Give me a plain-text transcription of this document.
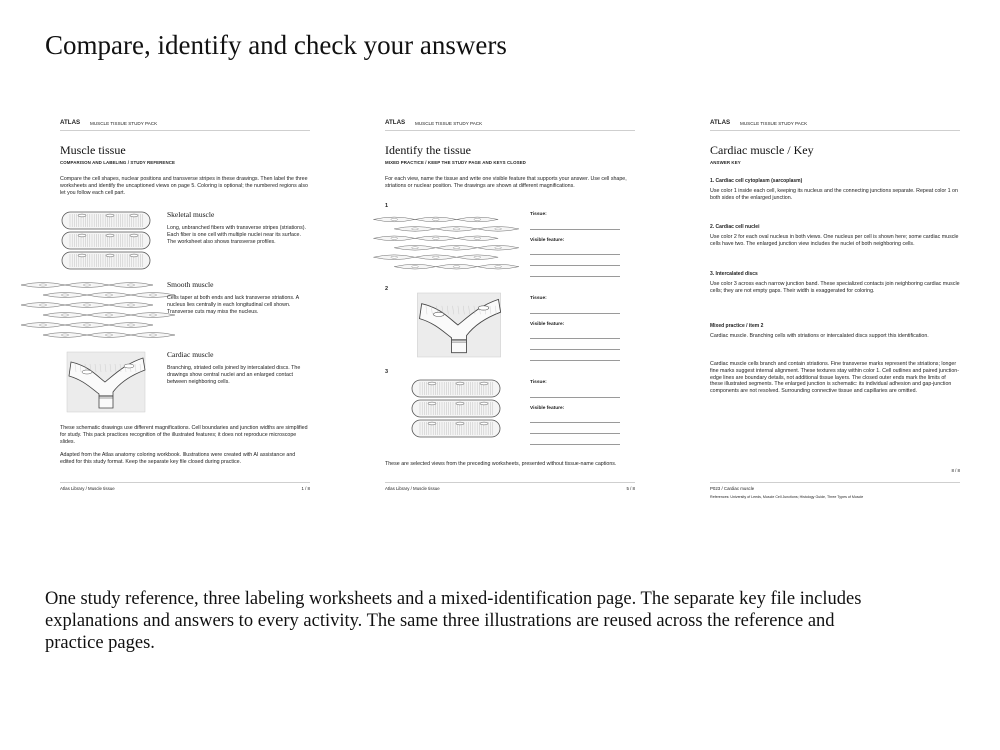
Compare, identify and check your answers
ATLAS MUSCLE TISSUE STUDY PACK
Muscle tissue
COMPARISON AND LABELING / STUDY REFERENCE
Compare the cell shapes, nuclear positions and transverse stripes in these drawings. Then label the three worksheets and identify the uncaptioned views on page 5. Coloring is optional; the numbered regions also let you follow each cell part.
Skeletal muscle
Long, unbranched fibers with transverse stripes (striations). Each fiber is one cell with multiple nuclei near its surface. The worksheet also shows transverse profiles.
Smooth muscle
Cells taper at both ends and lack transverse striations. A nucleus lies centrally in each longitudinal cell shown. Transverse cuts may miss the nucleus.
Cardiac muscle
Branching, striated cells joined by intercalated discs. The drawings show central nuclei and an enlarged contact between neighboring cells.
These schematic drawings use different magnifications. Cell boundaries and junction widths are simplified for study. This pack practices recognition of the illustrated features; it does not reproduce microscope slides.
Adapted from the Atlas anatomy coloring workbook. Illustrations were created with AI assistance and edited for this study format. Keep the separate key file closed during practice.
Atlas Library / Muscle tissue	1 / 8
ATLAS MUSCLE TISSUE STUDY PACK
Identify the tissue
MIXED PRACTICE / KEEP THE STUDY PAGE AND KEYS CLOSED
For each view, name the tissue and write one visible feature that supports your answer. Use cell shape, striations or nuclear position. The drawings are shown at different magnifications.
1
Tissue:
Visible feature:
2
Tissue:
Visible feature:
3
Tissue:
Visible feature:
These are selected views from the preceding worksheets, presented without tissue-name captions.
Atlas Library / Muscle tissue	5 / 8
ATLAS MUSCLE TISSUE STUDY PACK
Cardiac muscle / Key
ANSWER KEY
1. Cardiac cell cytoplasm (sarcoplasm)
Use color 1 inside each cell, keeping its nucleus and the connecting junctions separate. Repeat color 1 on both sides of the enlarged junction.
2. Cardiac cell nuclei
Use color 2 for each oval nucleus in both views. One nucleus per cell is shown here; some cardiac muscle cells have two. The enlarged junction view includes the nuclei of both neighboring cells.
3. Intercalated discs
Use color 3 across each narrow junction band. These specialized contacts join neighboring cardiac muscle cells; they are not empty gaps. Their width is exaggerated for coloring.
Mixed practice / item 2
Cardiac muscle. Branching cells with striations or intercalated discs support this identification.
Cardiac muscle cells branch and contain striations. Fine transverse marks represent the striations; longer fine marks suggest internal alignment. These textures stay within color 1. Cell outlines and paired junction-edge lines are boundary details, not additional tissue layers. The closed outer ends mark the limits of these illustrated segments. The enlarged junction is schematic: its individual adhesion and gap-junction components are not resolved. Surrounding connective tissue and capillaries are omitted.
8 / 8
P023 / Cardiac muscle
References: University of Leeds, Muscle Cell Junctions; Histology Guide, Three Types of Muscle

One study reference, three labeling worksheets and a mixed-identification page. The separate key file includes explanations and answers to every activity. The same three illustrations are reused across the reference and practice pages.
